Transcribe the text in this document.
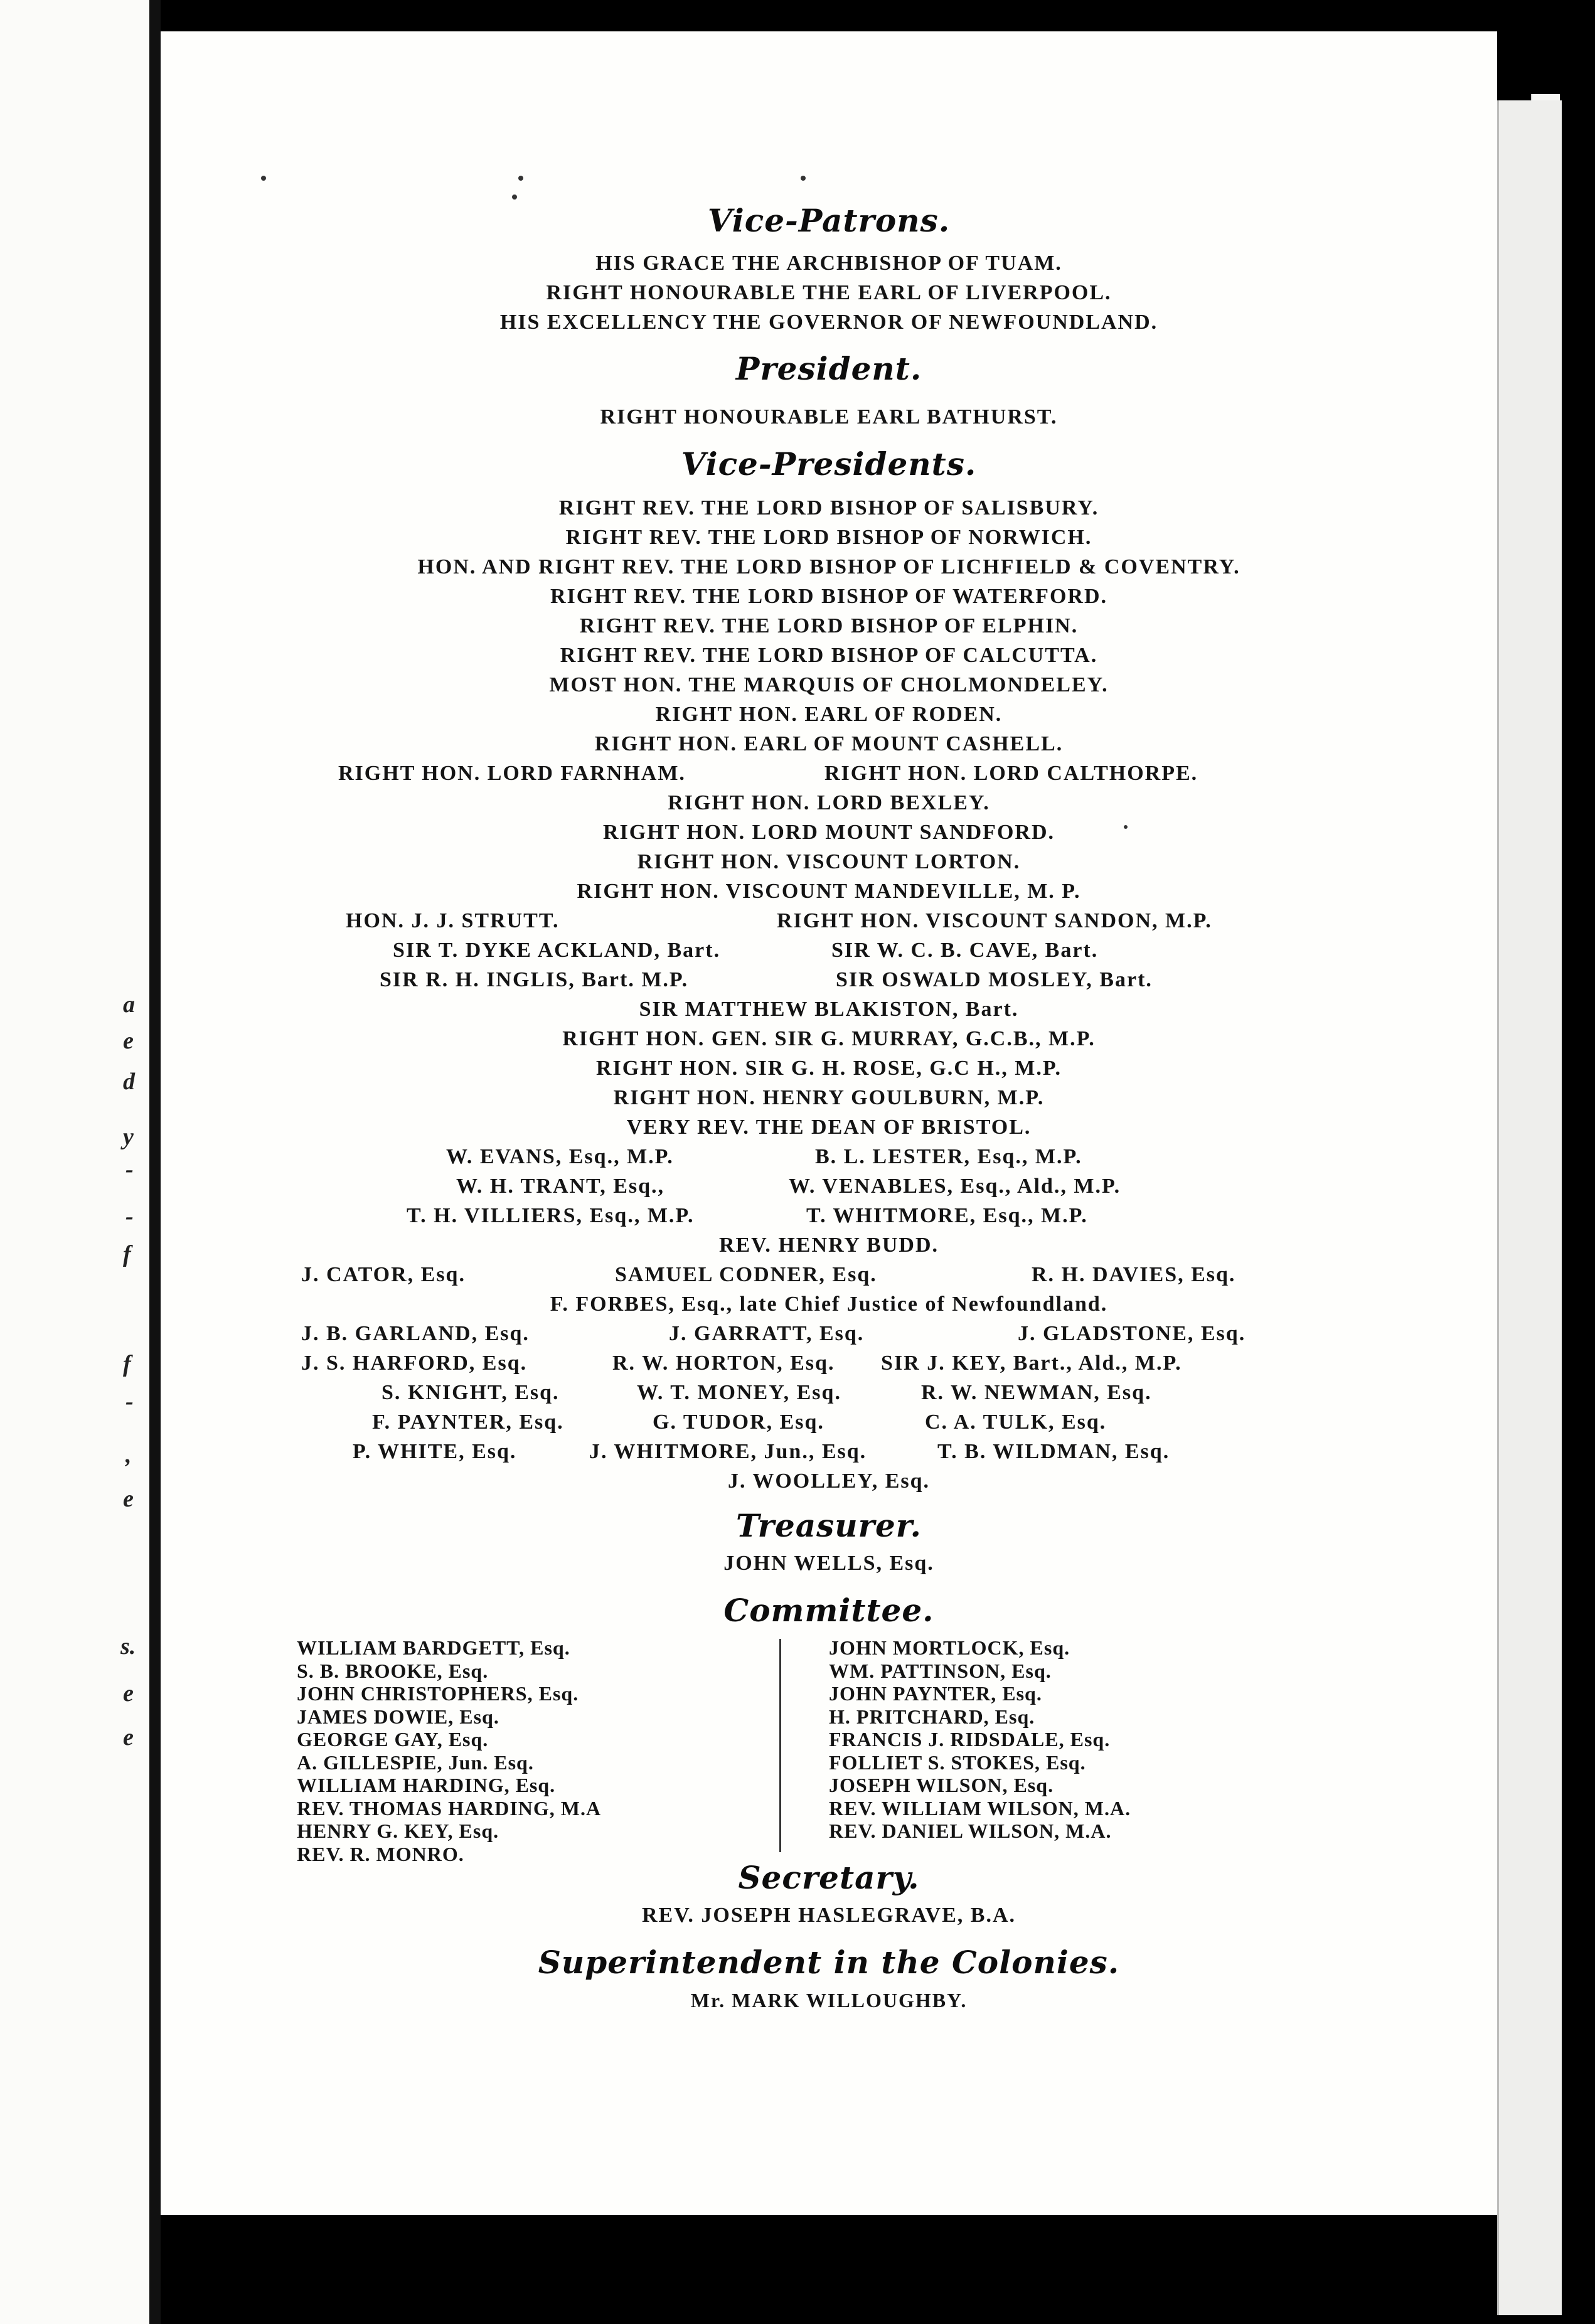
a
e
d
y
-
-
f
f
-
,
e
s.
e
e
Vice-Patrons.
HIS GRACE THE ARCHBISHOP OF TUAM.
RIGHT HONOURABLE THE EARL OF LIVERPOOL.
HIS EXCELLENCY THE GOVERNOR OF NEWFOUNDLAND.
President.
RIGHT HONOURABLE EARL BATHURST.
Vice-Presidents.
RIGHT REV. THE LORD BISHOP OF SALISBURY.
RIGHT REV. THE LORD BISHOP OF NORWICH.
HON. AND RIGHT REV. THE LORD BISHOP OF LICHFIELD & COVENTRY.
RIGHT REV. THE LORD BISHOP OF WATERFORD.
RIGHT REV. THE LORD BISHOP OF ELPHIN.
RIGHT REV. THE LORD BISHOP OF CALCUTTA.
MOST HON. THE MARQUIS OF CHOLMONDELEY.
RIGHT HON. EARL OF RODEN.
RIGHT HON. EARL OF MOUNT CASHELL.
RIGHT HON. LORD FARNHAM.	RIGHT HON. LORD CALTHORPE.
RIGHT HON. LORD BEXLEY.
RIGHT HON. LORD MOUNT SANDFORD.
RIGHT HON. VISCOUNT LORTON.
RIGHT HON. VISCOUNT MANDEVILLE, M. P.
HON. J. J. STRUTT.	RIGHT HON. VISCOUNT SANDON, M.P.
SIR T. DYKE ACKLAND, Bart.	SIR W. C. B. CAVE, Bart.
SIR R. H. INGLIS, Bart. M.P.	SIR OSWALD MOSLEY, Bart.
SIR MATTHEW BLAKISTON, Bart.
RIGHT HON. GEN. SIR G. MURRAY, G.C.B., M.P.
RIGHT HON. SIR G. H. ROSE, G.C H., M.P.
RIGHT HON. HENRY GOULBURN, M.P.
VERY REV. THE DEAN OF BRISTOL.
W. EVANS, Esq., M.P.	B. L. LESTER, Esq., M.P.
W. H. TRANT, Esq.,	W. VENABLES, Esq., Ald., M.P.
T. H. VILLIERS, Esq., M.P.	T. WHITMORE, Esq., M.P.
REV. HENRY BUDD.
J. CATOR, Esq.	SAMUEL CODNER, Esq.	R. H. DAVIES, Esq.
F. FORBES, Esq., late Chief Justice of Newfoundland.
J. B. GARLAND, Esq.	J. GARRATT, Esq.	J. GLADSTONE, Esq.
J. S. HARFORD, Esq.	R. W. HORTON, Esq. SIR J. KEY, Bart., Ald., M.P.
S. KNIGHT, Esq.	W. T. MONEY, Esq.	R. W. NEWMAN, Esq.
F. PAYNTER, Esq.	G. TUDOR, Esq.	C. A. TULK, Esq.
P. WHITE, Esq.	J. WHITMORE, Jun., Esq.	T. B. WILDMAN, Esq.
J. WOOLLEY, Esq.
Treasurer.
JOHN WELLS, Esq.
Committee.
WILLIAM BARDGETT, Esq.
S. B. BROOKE, Esq.
JOHN CHRISTOPHERS, Esq.
JAMES DOWIE, Esq.
GEORGE GAY, Esq.
A. GILLESPIE, Jun. Esq.
WILLIAM HARDING, Esq.
REV. THOMAS HARDING, M.A
HENRY G. KEY, Esq.
REV. R. MONRO.
JOHN MORTLOCK, Esq.
WM. PATTINSON, Esq.
JOHN PAYNTER, Esq.
H. PRITCHARD, Esq.
FRANCIS J. RIDSDALE, Esq.
FOLLIET S. STOKES, Esq.
JOSEPH WILSON, Esq.
REV. WILLIAM WILSON, M.A.
REV. DANIEL WILSON, M.A.
Secretary.
REV. JOSEPH HASLEGRAVE, B.A.
Superintendent in the Colonies.
Mr. MARK WILLOUGHBY.
